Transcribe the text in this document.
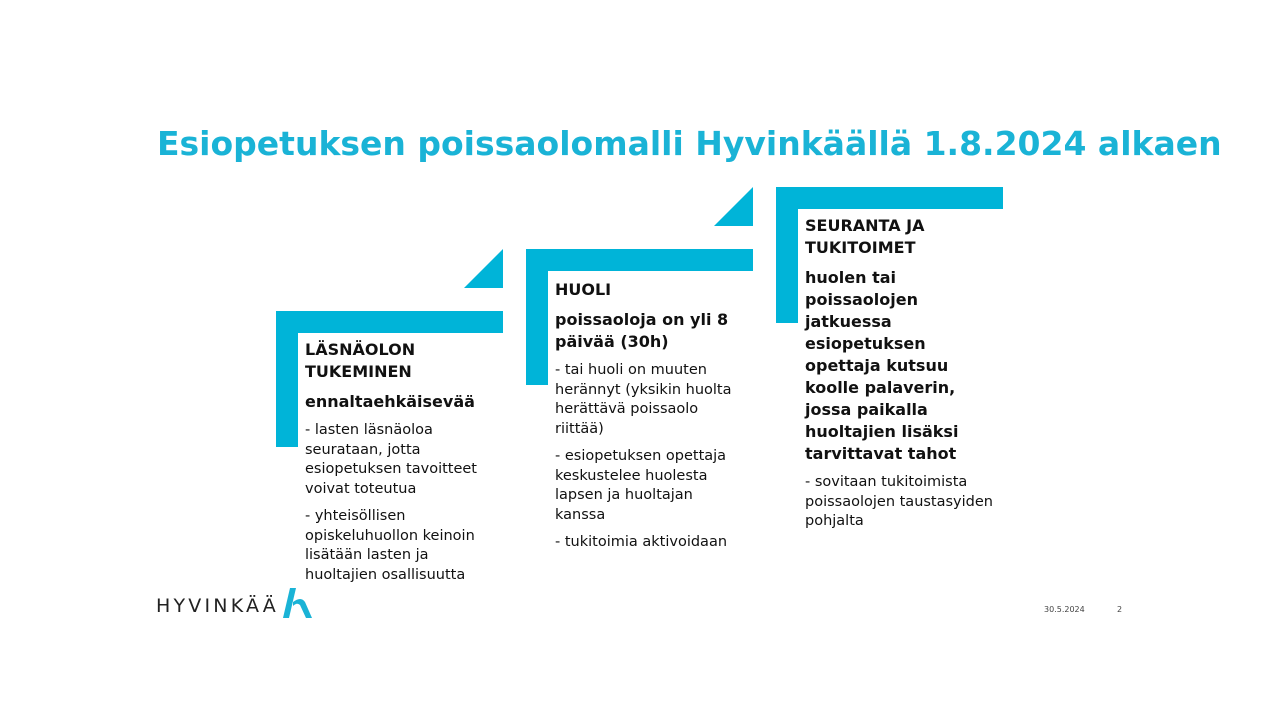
Esiopetuksen poissaolomalli Hyvinkäällä 1.8.2024 alkaen
LÄSNÄOLON TUKEMINEN
ennaltaehkäisevää
- lasten läsnäoloa seurataan, jotta esiopetuksen tavoitteet voivat toteutua
- yhteisöllisen opiskeluhuollon keinoin lisätään lasten ja huoltajien osallisuutta
HUOLI
poissaoloja on yli 8 päivää (30h)
- tai huoli on muuten herännyt (yksikin huolta herättävä poissaolo riittää)
- esiopetuksen opettaja keskustelee huolesta lapsen ja huoltajan kanssa
- tukitoimia aktivoidaan
SEURANTA JA TUKITOIMET
huolen tai poissaolojen jatkuessa esiopetuksen opettaja kutsuu koolle palaverin, jossa paikalla huoltajien lisäksi tarvittavat tahot
- sovitaan tukitoimista poissaolojen taustasyiden pohjalta
HYVINKÄÄ	30.5.2024	2
